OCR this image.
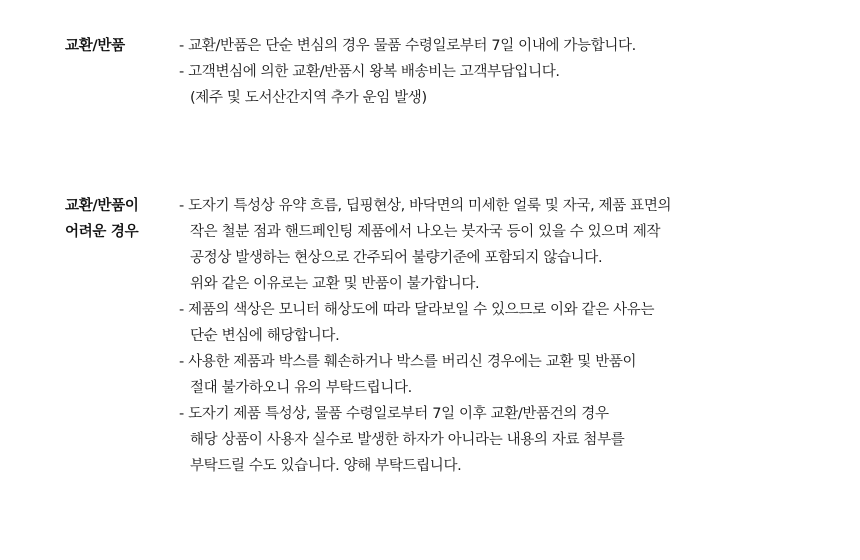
교환/반품	- 교환/반품은 단순 변심의 경우 물품 수령일로부터 7일 이내에 가능합니다.
- 고객변심에 의한 교환/반품시 왕복 배송비는 고객부담입니다.
(제주 및 도서산간지역 추가 운임 발생)
교환/반품이
어려운 경우
- 도자기 특성상 유약 흐름, 딥핑현상, 바닥면의 미세한 얼룩 및 자국, 제품 표면의
작은 철분 점과 핸드페인팅 제품에서 나오는 붓자국 등이 있을 수 있으며 제작
공정상 발생하는 현상으로 간주되어 불량기준에 포함되지 않습니다.
위와 같은 이유로는 교환 및 반품이 불가합니다.
- 제품의 색상은 모니터 해상도에 따라 달라보일 수 있으므로 이와 같은 사유는
단순 변심에 해당합니다.
- 사용한 제품과 박스를 훼손하거나 박스를 버리신 경우에는 교환 및 반품이
절대 불가하오니 유의 부탁드립니다.
- 도자기 제품 특성상, 물품 수령일로부터 7일 이후 교환/반품건의 경우
해당 상품이 사용자 실수로 발생한 하자가 아니라는 내용의 자료 첨부를
부탁드릴 수도 있습니다. 양해 부탁드립니다.
